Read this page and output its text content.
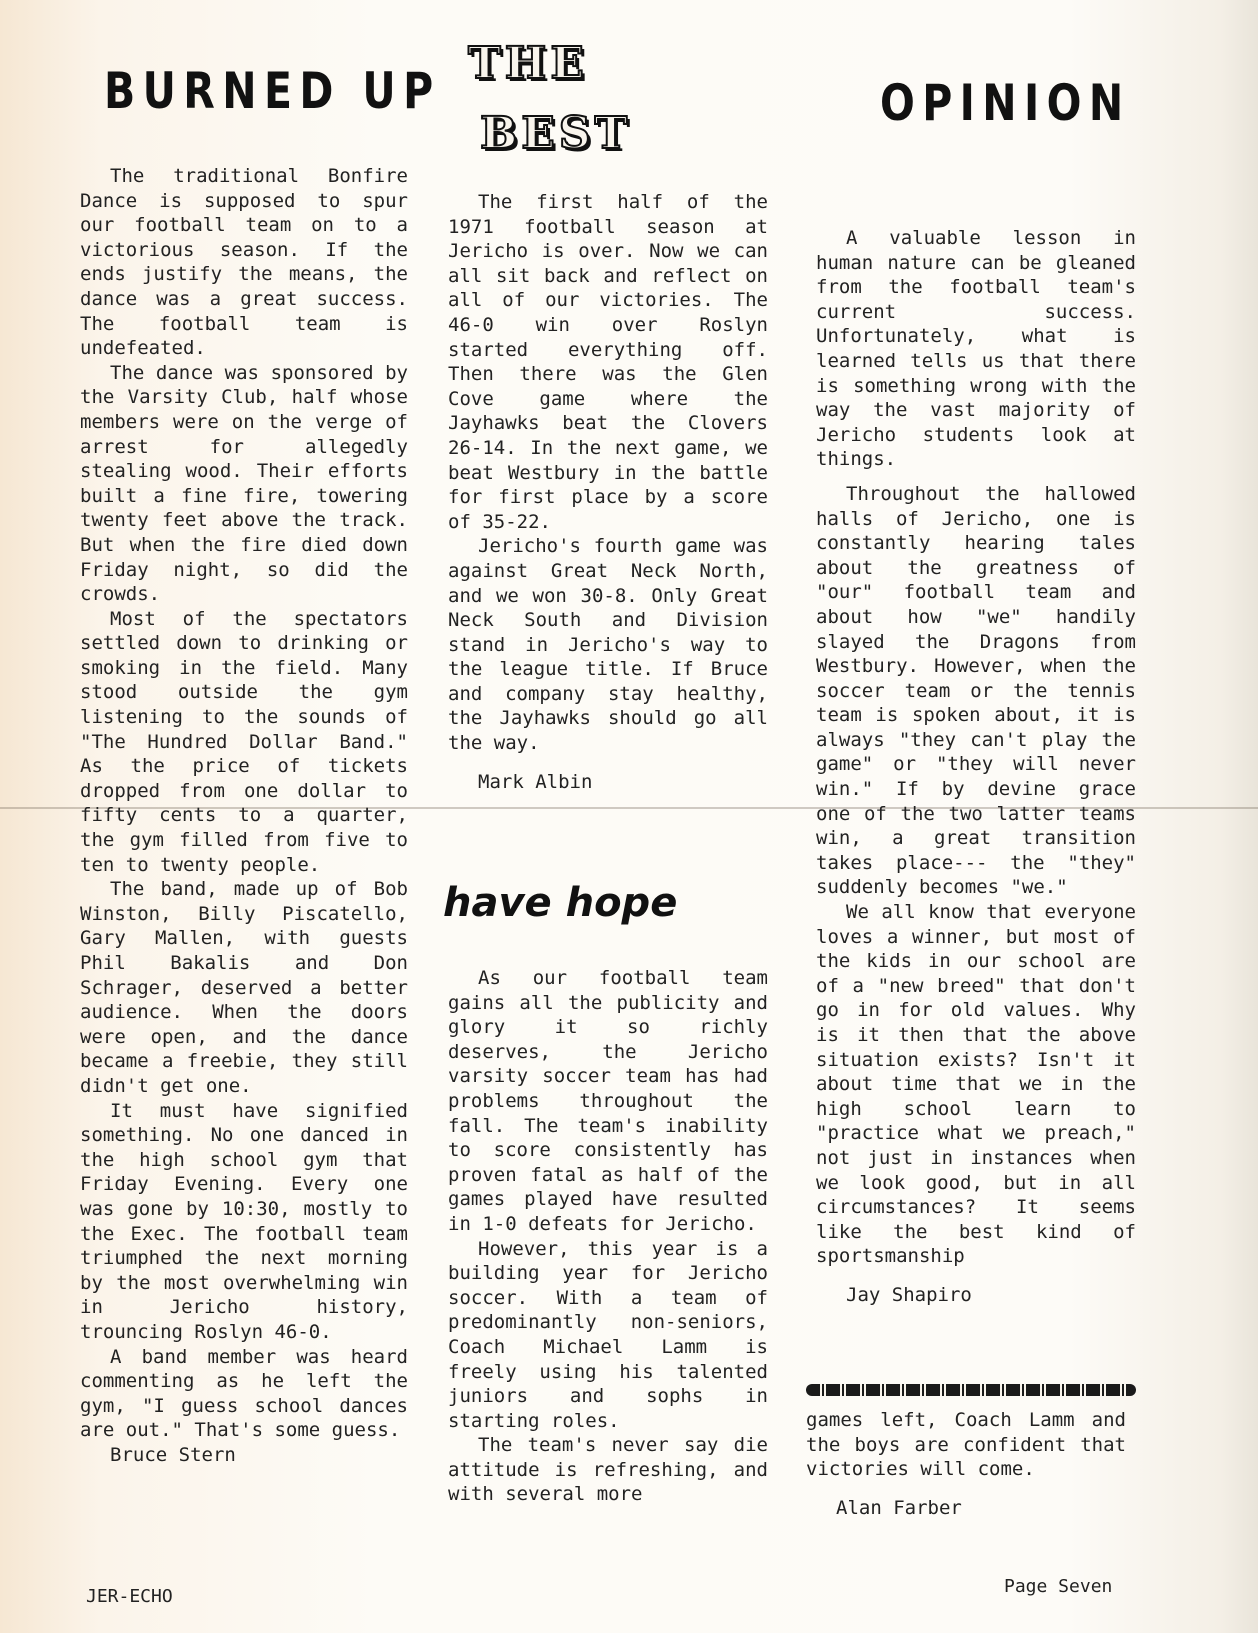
BURNED UP THE
BEST
OPINION

The traditional Bonfire Dance is supposed to spur our football team on to a victorious season. If the ends justify the means, the dance was a great success. The football team is undefeated.

The dance was sponsored by the Varsity Club, half whose members were on the verge of arrest for allegedly stealing wood. Their efforts built a fine fire, towering twenty feet above the track. But when the fire died down Friday night, so did the crowds.

Most of the spectators settled down to drinking or smoking in the field. Many stood outside the gym listening to the sounds of "The Hundred Dollar Band." As the price of tickets dropped from one dollar to fifty cents to a quarter, the gym filled from five to ten to twenty people.

The band, made up of Bob Winston, Billy Piscatello, Gary Mallen, with guests Phil Bakalis and Don Schrager, deserved a better audience. When the doors were open, and the dance became a freebie, they still didn't get one.

It must have signified something. No one danced in the high school gym that Friday Evening. Every one was gone by 10:30, mostly to the Exec. The football team triumphed the next morning by the most overwhelming win in Jericho history, trouncing Roslyn 46-0.

A band member was heard commenting as he left the gym, "I guess school dances are out." That's some guess.

Bruce Stern

The first half of the 1971 football season at Jericho is over. Now we can all sit back and reflect on all of our victories. The 46-0 win over Roslyn started everything off. Then there was the Glen Cove game where the Jayhawks beat the Clovers 26-14. In the next game, we beat Westbury in the battle for first place by a score of 35-22.

Jericho's fourth game was against Great Neck North, and we won 30-8. Only Great Neck South and Division stand in Jericho's way to the league title. If Bruce and company stay healthy, the Jayhawks should go all the way.

Mark Albin

have hope

As our football team gains all the publicity and glory it so richly deserves, the Jericho varsity soccer team has had problems throughout the fall. The team's inability to score consistently has proven fatal as half of the games played have resulted in 1-0 defeats for Jericho.

However, this year is a building year for Jericho soccer. With a team of predominantly non-seniors, Coach Michael Lamm is freely using his talented juniors and sophs in starting roles.

The team's never say die attitude is refreshing, and with several more

A valuable lesson in human nature can be gleaned from the football team's current success. Unfortunately, what is learned tells us that there is something wrong with the way the vast majority of Jericho students look at things.

Throughout the hallowed halls of Jericho, one is constantly hearing tales about the greatness of "our" football team and about how "we" handily slayed the Dragons from Westbury. However, when the soccer team or the tennis team is spoken about, it is always "they can't play the game" or "they will never win." If by devine grace one of the two latter teams win, a great transition takes place--- the "they" suddenly becomes "we."

We all know that everyone loves a winner, but most of the kids in our school are of a "new breed" that don't go in for old values. Why is it then that the above situation exists? Isn't it about time that we in the high school learn to "practice what we preach," not just in instances when we look good, but in all circumstances? It seems like the best kind of sportsmanship

Jay Shapiro

games left, Coach Lamm and the boys are confident that victories will come.

Alan Farber

JER-ECHO	Page Seven
